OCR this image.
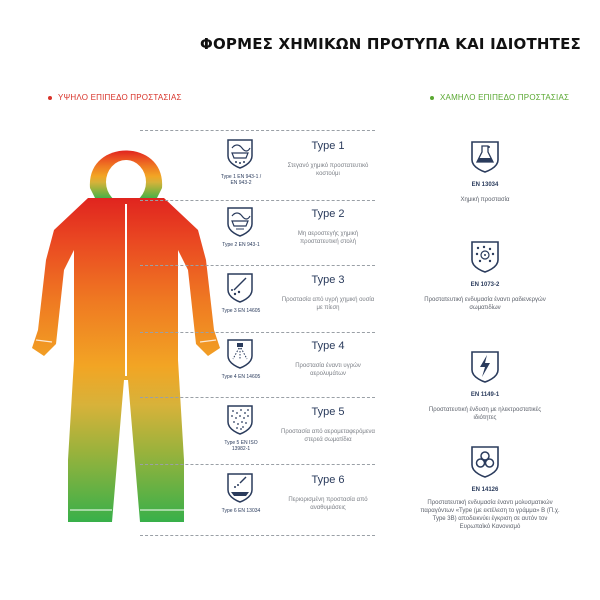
ΦΟΡΜΕΣ ΧΗΜΙΚΩΝ ΠΡΟΤΥΠΑ ΚΑΙ ΙΔΙΟΤΗΤΕΣ
ΥΨΗΛΟ ΕΠΙΠΕΔΟ ΠΡΟΣΤΑΣΙΑΣ	ΧΑΜΗΛΟ ΕΠΙΠΕΔΟ ΠΡΟΣΤΑΣΙΑΣ
Type 1
Type 1 EN 943-1 / EN 943-2
Στεγανό χημικό προστατευτικό κοστούμι
Type 2
Type 2 EN 943-1
Μη αεροστεγής χημική προστατευτική στολή
Type 3
Type 3 EN 14605
Προστασία από υγρή χημική ουσία με πίεση
Type 4
Type 4 EN 14605
Προστασία έναντι υγρών αερολυμάτων
Type 5
Type 5 EN ISO 13982-1
Προστασία από αερομεταφερόμενα στερεά σωματίδια
Type 6
Type 6 EN 13034
Περιορισμένη προστασία από αναθυμιάσεις
EN 13034
Χημική προστασία
EN 1073-2
Προστατευτική ενδυμασία έναντι ραδιενεργών σωματιδίων
EN 1149-1
Προστατευτική ένδυση με ηλεκτροστατικές ιδιότητες
EN 14126
Προστατευτική ενδυμασία έναντι μολυσματικών παραγόντων «Type (με εκτέλεση το γράμμα» Β (Π.χ. Type 3B) αποδεικνύει έγκριση σε αυτόν τον Ευρωπαϊκό Κανονισμό
